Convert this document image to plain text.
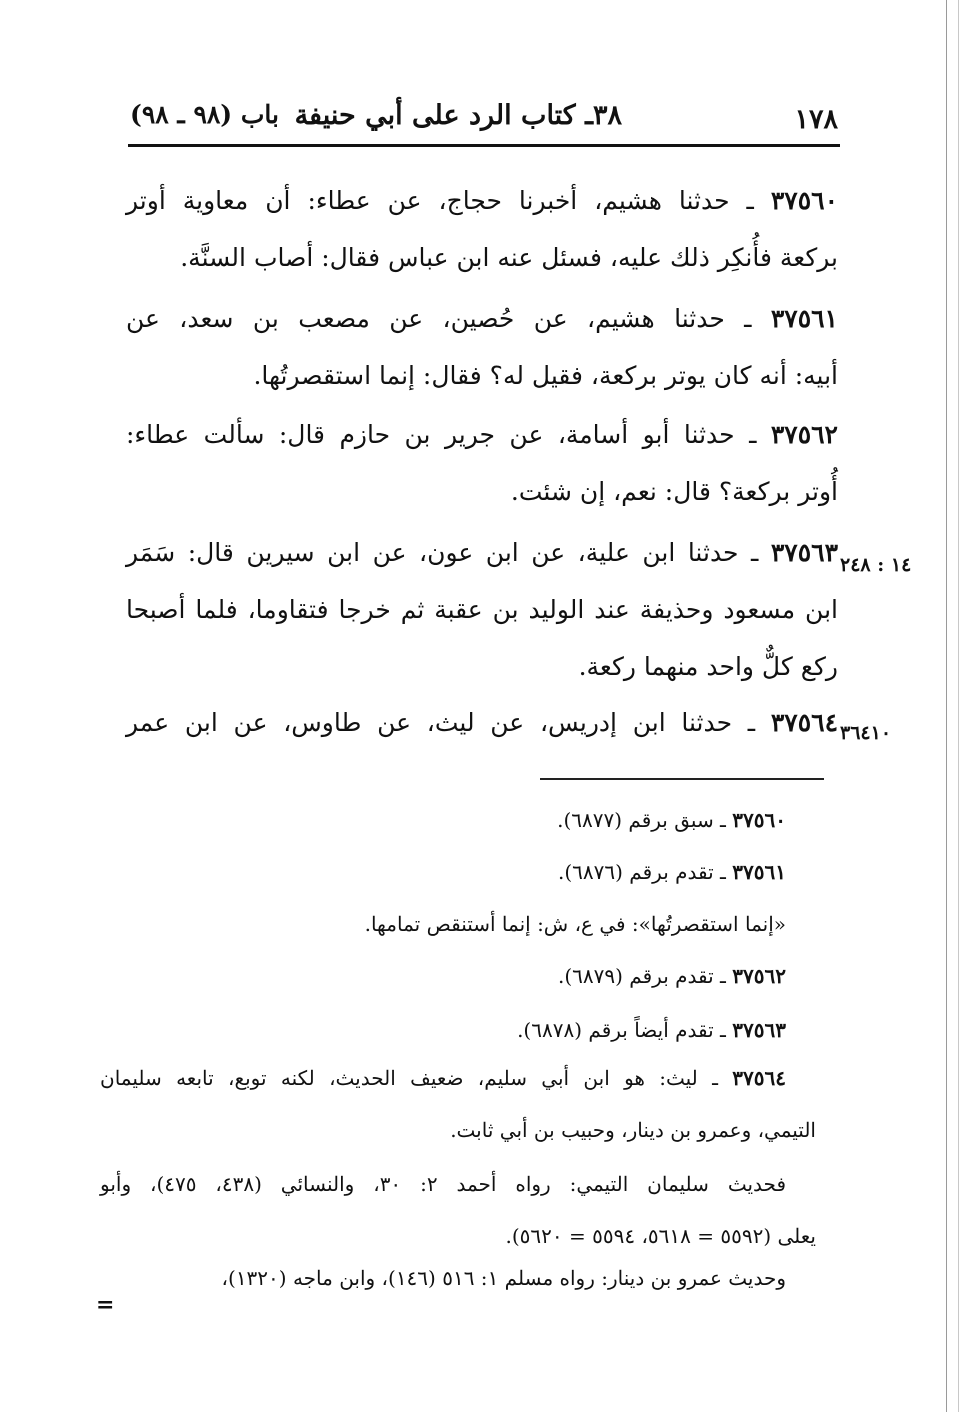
١٧٨
٣٨ـ كتاب الرد على أبي حنيفة
باب (٩٨ ـ ٩٨)
٣٧٥٦٠ ـ حدثنا هشيم، أخبرنا حجاج، عن عطاء: أن معاوية أوتر
بركعة فأُنكِر ذلك عليه، فسئل عنه ابن عباس فقال: أصاب السنَّة.
٣٧٥٦١ ـ حدثنا هشيم، عن حُصين، عن مصعب بن سعد، عن
أبيه: أنه كان يوتر بركعة، فقيل له؟ فقال: إنما استقصرتُها.
٣٧٥٦٢ ـ حدثنا أبو أسامة، عن جرير بن حازم قال: سألت عطاء:
أُوتر بركعة؟ قال: نعم، إن شئت.
١٤ : ٢٤٨
٣٧٥٦٣ ـ حدثنا ابن علية، عن ابن عون، عن ابن سيرين قال: سَمَر
ابن مسعود وحذيفة عند الوليد بن عقبة ثم خرجا فتقاوما، فلما أصبحا
ركع كلٌّ واحد منهما ركعة.
٣٦٤١٠
٣٧٥٦٤ ـ حدثنا ابن إدريس، عن ليث، عن طاوس، عن ابن عمر
٣٧٥٦٠ ـ سبق برقم (٦٨٧٧).
٣٧٥٦١ ـ تقدم برقم (٦٨٧٦).
«إنما استقصرتُها»: في ع، ش: إنما أستنقص تمامها.
٣٧٥٦٢ ـ تقدم برقم (٦٨٧٩).
٣٧٥٦٣ ـ تقدم أيضاً برقم (٦٨٧٨).
٣٧٥٦٤ ـ ليث: هو ابن أبي سليم، ضعيف الحديث، لكنه توبع، تابعه سليمان
التيمي، وعمرو بن دينار، وحبيب بن أبي ثابت.
فحديث سليمان التيمي: رواه أحمد ٢: ٣٠، والنسائي (٤٣٨، ٤٧٥)، وأبو
يعلى (٥٥٩٢ = ٥٦١٨، ٥٥٩٤ = ٥٦٢٠).
وحديث عمرو بن دينار: رواه مسلم ١: ٥١٦ (١٤٦)، وابن ماجه (١٣٢٠)،
=
